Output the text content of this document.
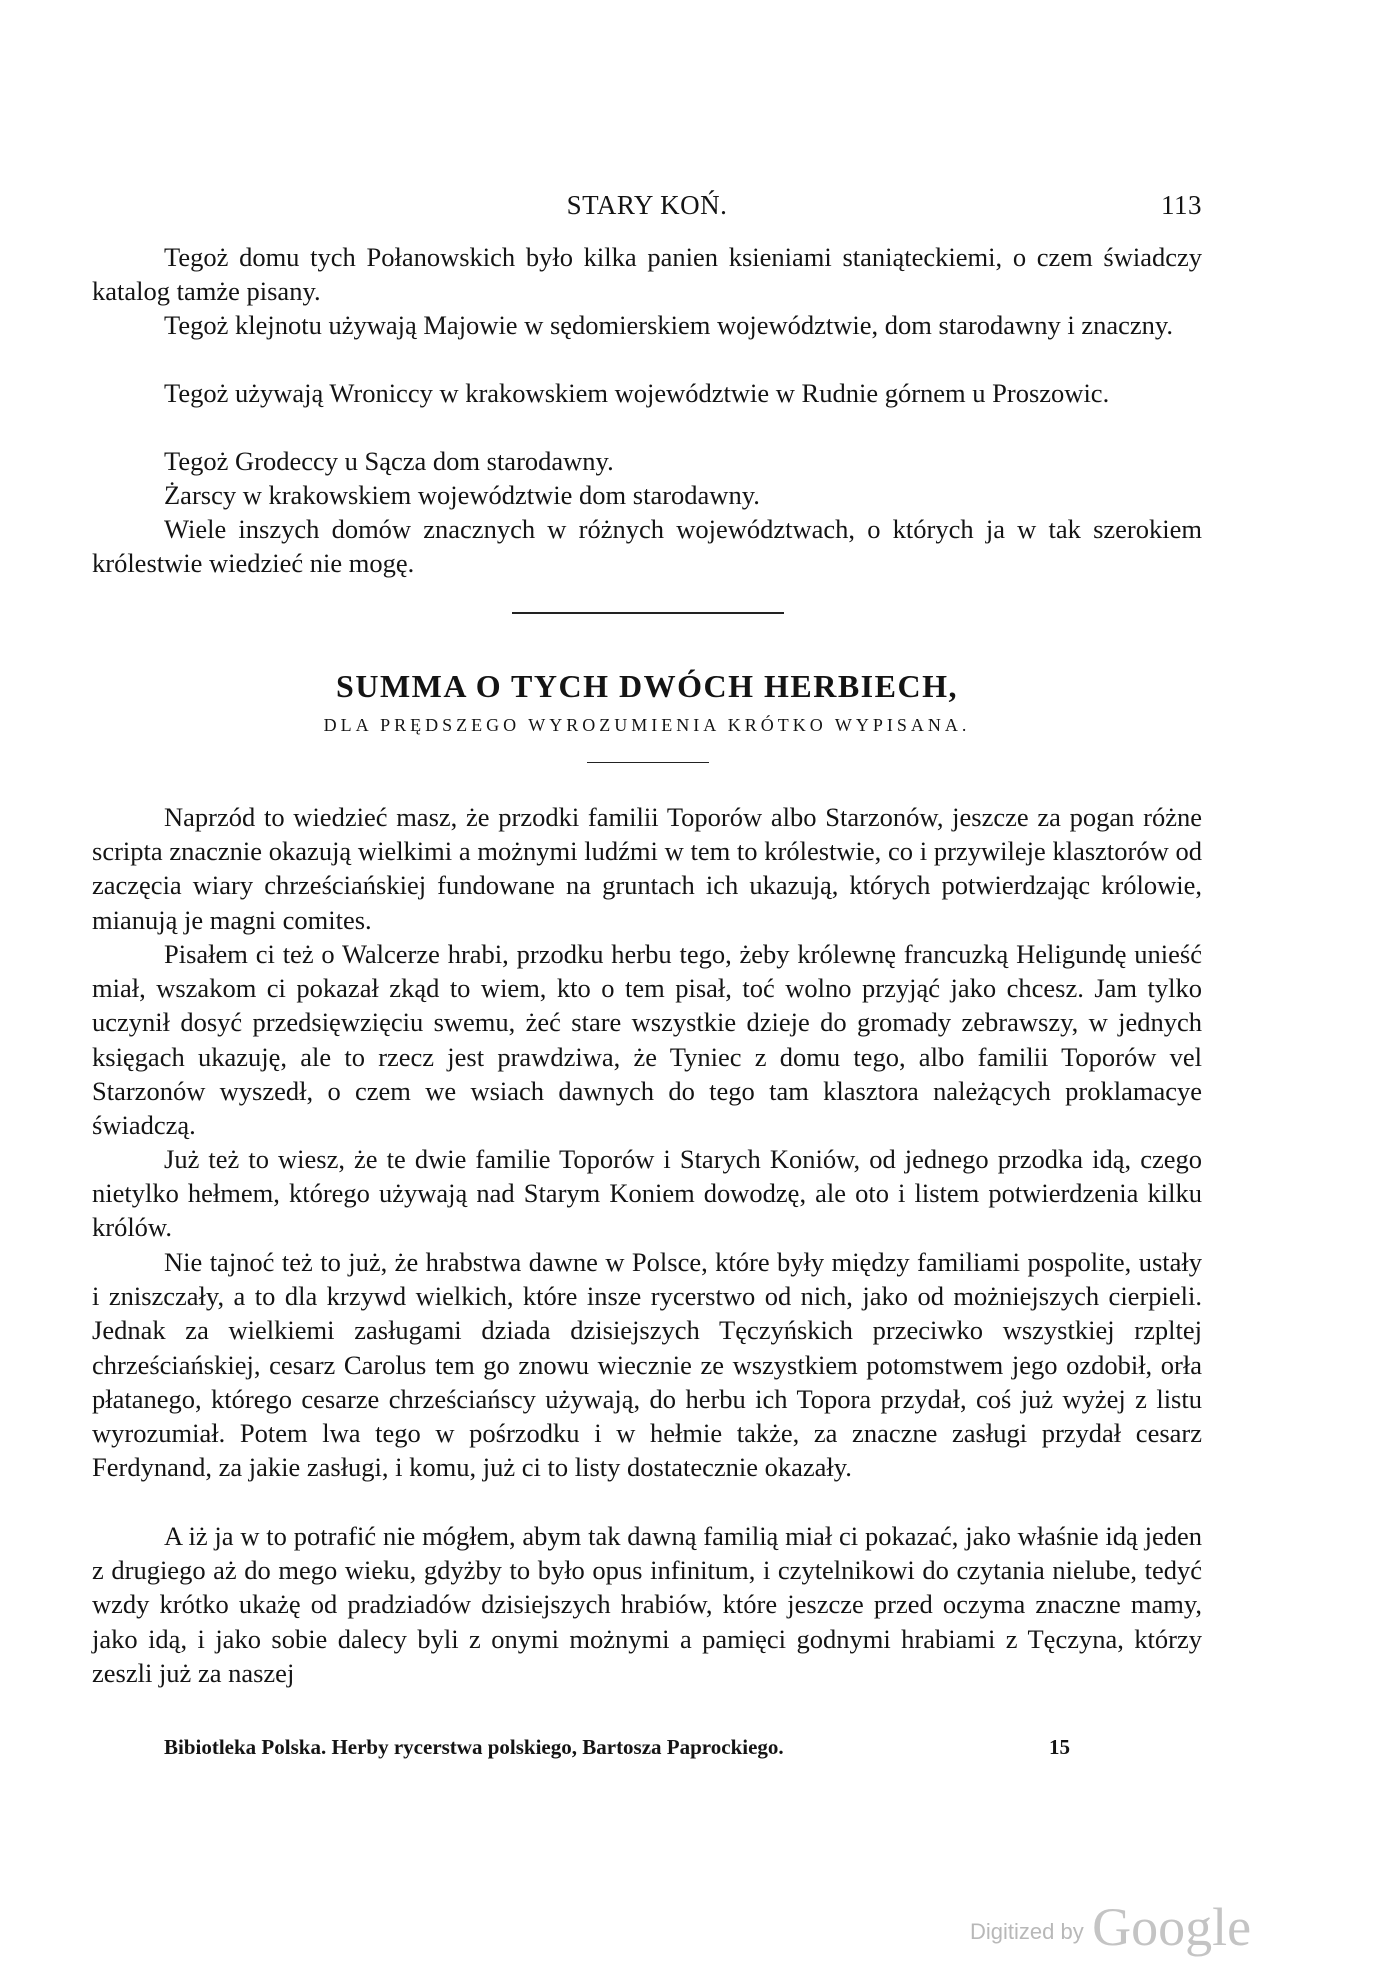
STARY KOŃ.	113

Tegoż domu tych Połanowskich było kilka panien ksieniami staniąteckiemi, o czem świadczy katalog tamże pisany.

Tegoż klejnotu używają Majowie w sędomierskiem województwie, dom starodawny i znaczny.

Tegoż używają Wroniccy w krakowskiem województwie w Rudnie górnem u Proszowic.

Tegoż Grodeccy u Sącza dom starodawny.

Żarscy w krakowskiem województwie dom starodawny.

Wiele inszych domów znacznych w różnych województwach, o których ja w tak szerokiem królestwie wiedzieć nie mogę.

SUMMA O TYCH DWÓCH HERBIECH,
DLA PRĘDSZEGO WYROZUMIENIA KRÓTKO WYPISANA.

Naprzód to wiedzieć masz, że przodki familii Toporów albo Starzonów, jeszcze za pogan różne scripta znacznie okazują wielkimi a możnymi ludźmi w tem to królestwie, co i przywileje klasztorów od zaczęcia wiary chrześciańskiej fundowane na gruntach ich ukazują, których potwierdzając królowie, mianują je magni comites.

Pisałem ci też o Walcerze hrabi, przodku herbu tego, żeby królewnę francuzką Heligundę unieść miał, wszakom ci pokazał zkąd to wiem, kto o tem pisał, toć wolno przyjąć jako chcesz. Jam tylko uczynił dosyć przedsięwzięciu swemu, żeć stare wszystkie dzieje do gromady zebrawszy, w jednych księgach ukazuję, ale to rzecz jest prawdziwa, że Tyniec z domu tego, albo familii Toporów vel Starzonów wyszedł, o czem we wsiach dawnych do tego tam klasztora należących proklamacye świadczą.

Już też to wiesz, że te dwie familie Toporów i Starych Koniów, od jednego przodka idą, czego nietylko hełmem, którego używają nad Starym Koniem dowodzę, ale oto i listem potwierdzenia kilku królów.

Nie tajnoć też to już, że hrabstwa dawne w Polsce, które były między familiami pospolite, ustały i zniszczały, a to dla krzywd wielkich, które insze rycerstwo od nich, jako od możniejszych cierpieli. Jednak za wielkiemi zasługami dziada dzisiejszych Tęczyńskich przeciwko wszystkiej rzpltej chrześciańskiej, cesarz Carolus tem go znowu wiecznie ze wszystkiem potomstwem jego ozdobił, orła płatanego, którego cesarze chrześciańscy używają, do herbu ich Topora przydał, coś już wyżej z listu wyrozumiał. Potem lwa tego w pośrzodku i w hełmie także, za znaczne zasługi przydał cesarz Ferdynand, za jakie zasługi, i komu, już ci to listy dostatecznie okazały.

A iż ja w to potrafić nie mógłem, abym tak dawną familią miał ci pokazać, jako właśnie idą jeden z drugiego aż do mego wieku, gdyżby to było opus infinitum, i czytelnikowi do czytania nielube, tedyć wzdy krótko ukażę od pradziadów dzisiejszych hrabiów, które jeszcze przed oczyma znaczne mamy, jako idą, i jako sobie dalecy byli z onymi możnymi a pamięci godnymi hrabiami z Tęczyna, którzy zeszli już za naszej

Bibiotleka Polska. Herby rycerstwa polskiego, Bartosza Paprockiego.	15
Digitized by Google
